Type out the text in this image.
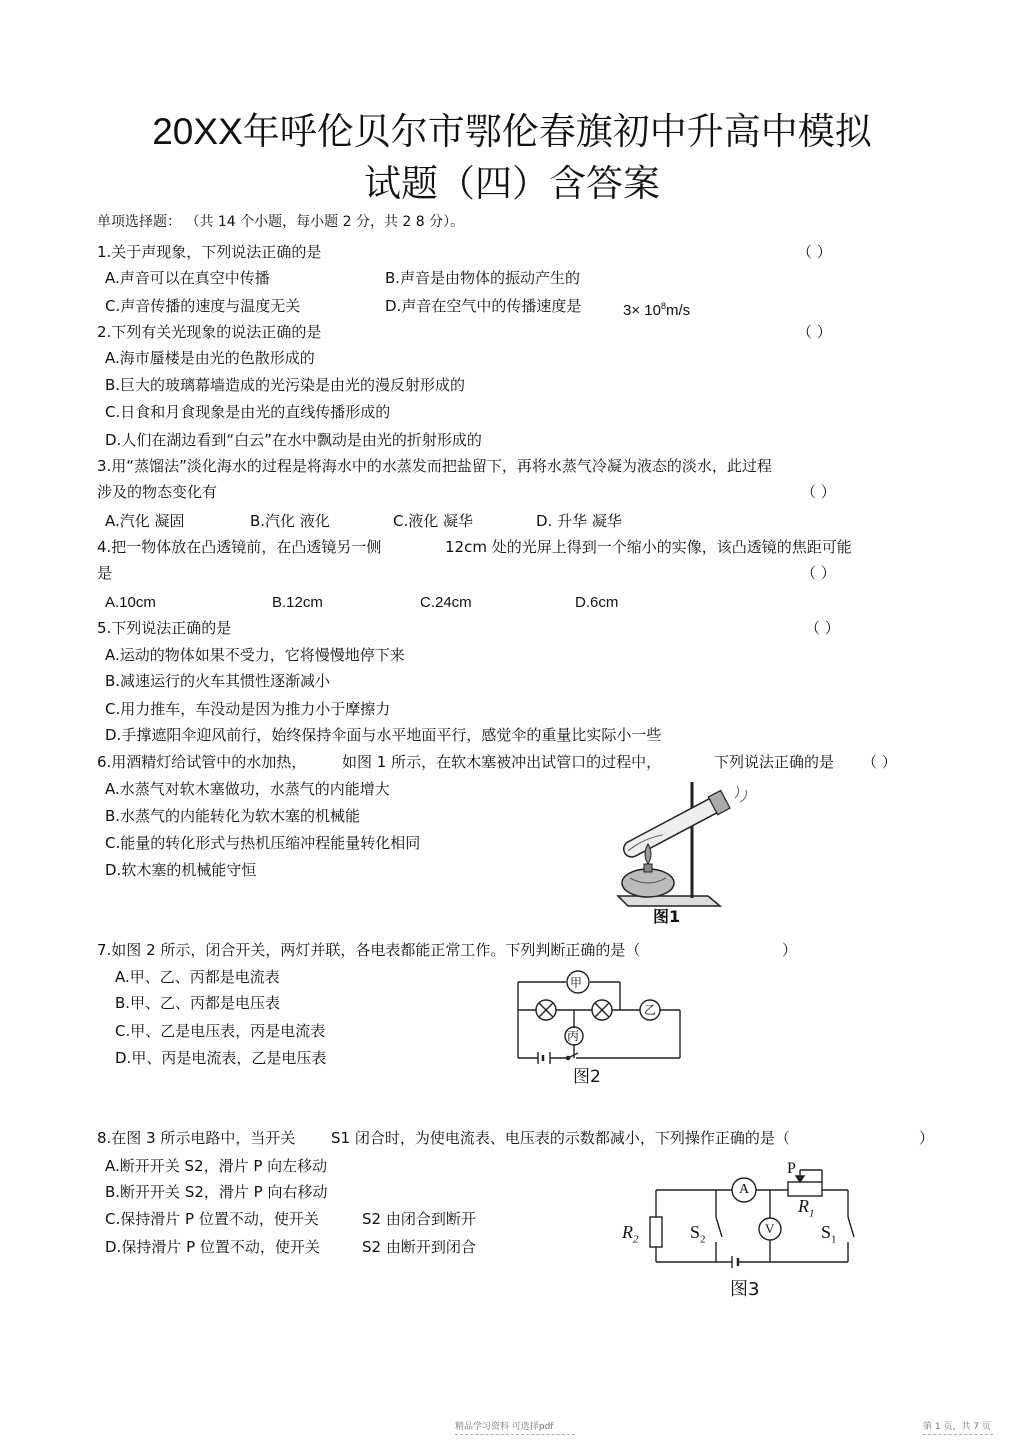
20XX年呼伦贝尔市鄂伦春旗初中升高中模拟
试题（四）含答案
单项选择题： （共 14 个小题，每小题 2 分，共 2 8 分）。
1.关于声现象，下列说法正确的是	（ ）
A.声音可以在真空中传播	B.声音是由物体的振动产生的
C.声音传播的速度与温度无关	D.声音在空气中的传播速度是	$3\times 10^8m/s$
2.下列有关光现象的说法正确的是	（ ）
A.海市蜃楼是由光的色散形成的
B.巨大的玻璃幕墙造成的光污染是由光的漫反射形成的
C.日食和月食现象是由光的直线传播形成的
D.人们在湖边看到“白云”在水中飘动是由光的折射形成的
3.用“蒸馏法”淡化海水的过程是将海水中的水蒸发而把盐留下，再将水蒸气冷凝为液态的淡水，此过程
涉及的物态变化有	（ ）
A.汽化 凝固	B.汽化 液化	C.液化 凝华	D. 升华 凝华
4.把一物体放在凸透镜前，在凸透镜另一侧	12cm 处的光屏上得到一个缩小的实像，该凸透镜的焦距可能
是	（ ）
A.10cm	B.12cm	C.24cm	D.6cm
5.下列说法正确的是	（ ）
A.运动的物体如果不受力，它将慢慢地停下来
B.减速运行的火车其惯性逐渐减小
C.用力推车，车没动是因为推力小于摩擦力
D.手撑遮阳伞迎风前行，始终保持伞面与水平地面平行，感觉伞的重量比实际小一些
6.用酒精灯给试管中的水加热， 如图 1 所示，在软木塞被冲出试管口的过程中，	下列说法正确的是 （ ）
A.水蒸气对软木塞做功，水蒸气的内能增大
B.水蒸气的内能转化为软木塞的机械能
C.能量的转化形式与热机压缩冲程能量转化相同
D.软木塞的机械能守恒
图1
7.如图 2 所示，闭合开关，两灯并联，各电表都能正常工作。下列判断正确的是（	）
A.甲、乙、丙都是电流表
B.甲、乙、丙都是电压表
C.甲、乙是电压表，丙是电流表
D.甲、丙是电流表，乙是电压表
甲
乙
丙
图2
8.在图 3 所示电路中，当开关 S1 闭合时，为使电流表、电压表的示数都减小，下列操作正确的是（	）
A.断开开关 S2，滑片 P 向左移动
B.断开开关 S2，滑片 P 向右移动
C.保持滑片 P 位置不动，使开关	S2 由闭合到断开
D.保持滑片 P 位置不动，使开关	S2 由断开到闭合
A
V
P
$R_1$
$R_2$	$S_2$	$S_1$
图3
精品学习资料 可选择pdf	第 1 页，共 7 页
